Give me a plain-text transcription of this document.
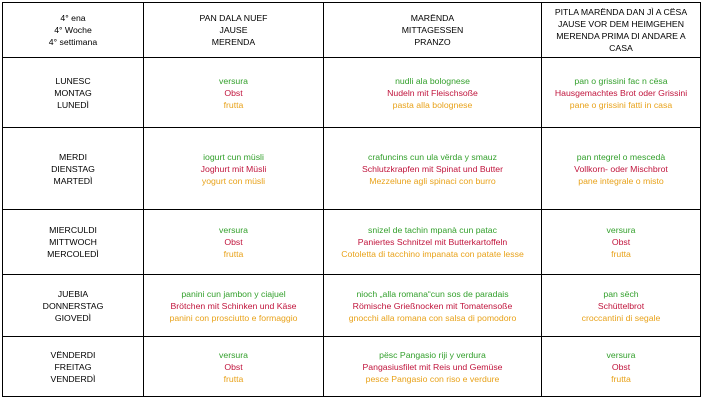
4° ena
4° Woche
4° settimana	PAN DALA NUEF
JAUSE
MERENDA	MARËNDA
MITTAGESSEN
PRANZO	PITLA MARËNDA DAN JÌ A CËSA
JAUSE VOR DEM HEIMGEHEN
MERENDA PRIMA DI ANDARE A
CASA

LUNESC
MONTAG
LUNEDÌ	versura
Obst
frutta	nudli ala bolognese
Nudeln mit Fleischsoße
pasta alla bolognese	pan o grissini fac n cësa
Hausgemachtes Brot oder Grissini
pane o grissini fatti in casa

MERDI
DIENSTAG
MARTEDÌ	iogurt cun müsli
Joghurt mit Müsli
yogurt con müsli	crafuncins cun ula vërda y smauz
Schlutzkrapfen mit Spinat und Butter
Mezzelune agli spinaci con burro	pan ntegrel o mescedà
Vollkorn- oder Mischbrot
pane integrale o misto

MIERCULDI
MITTWOCH
MERCOLEDÌ	versura
Obst
frutta	snizel de tachin mpanà cun patac
Paniertes Schnitzel mit Butterkartoffeln
Cotoletta di tacchino impanata con patate lesse	versura
Obst
frutta

JUEBIA
DONNERSTAG
GIOVEDÌ	panini cun jambon y ciajuel
Brötchen mit Schinken und Käse
panini con prosciutto e formaggio	nioch „alla romana“cun sos de paradais
Römische Grießnocken mit Tomatensoße
gnocchi alla romana con salsa di pomodoro	pan sëch
Schüttelbrot
croccantini di segale

VËNDERDI
FREITAG
VENDERDÌ	versura
Obst
frutta	pësc Pangasio riji y verdura
Pangasiusfilet mit Reis und Gemüse
pesce Pangasio con riso e verdure	versura
Obst
frutta
